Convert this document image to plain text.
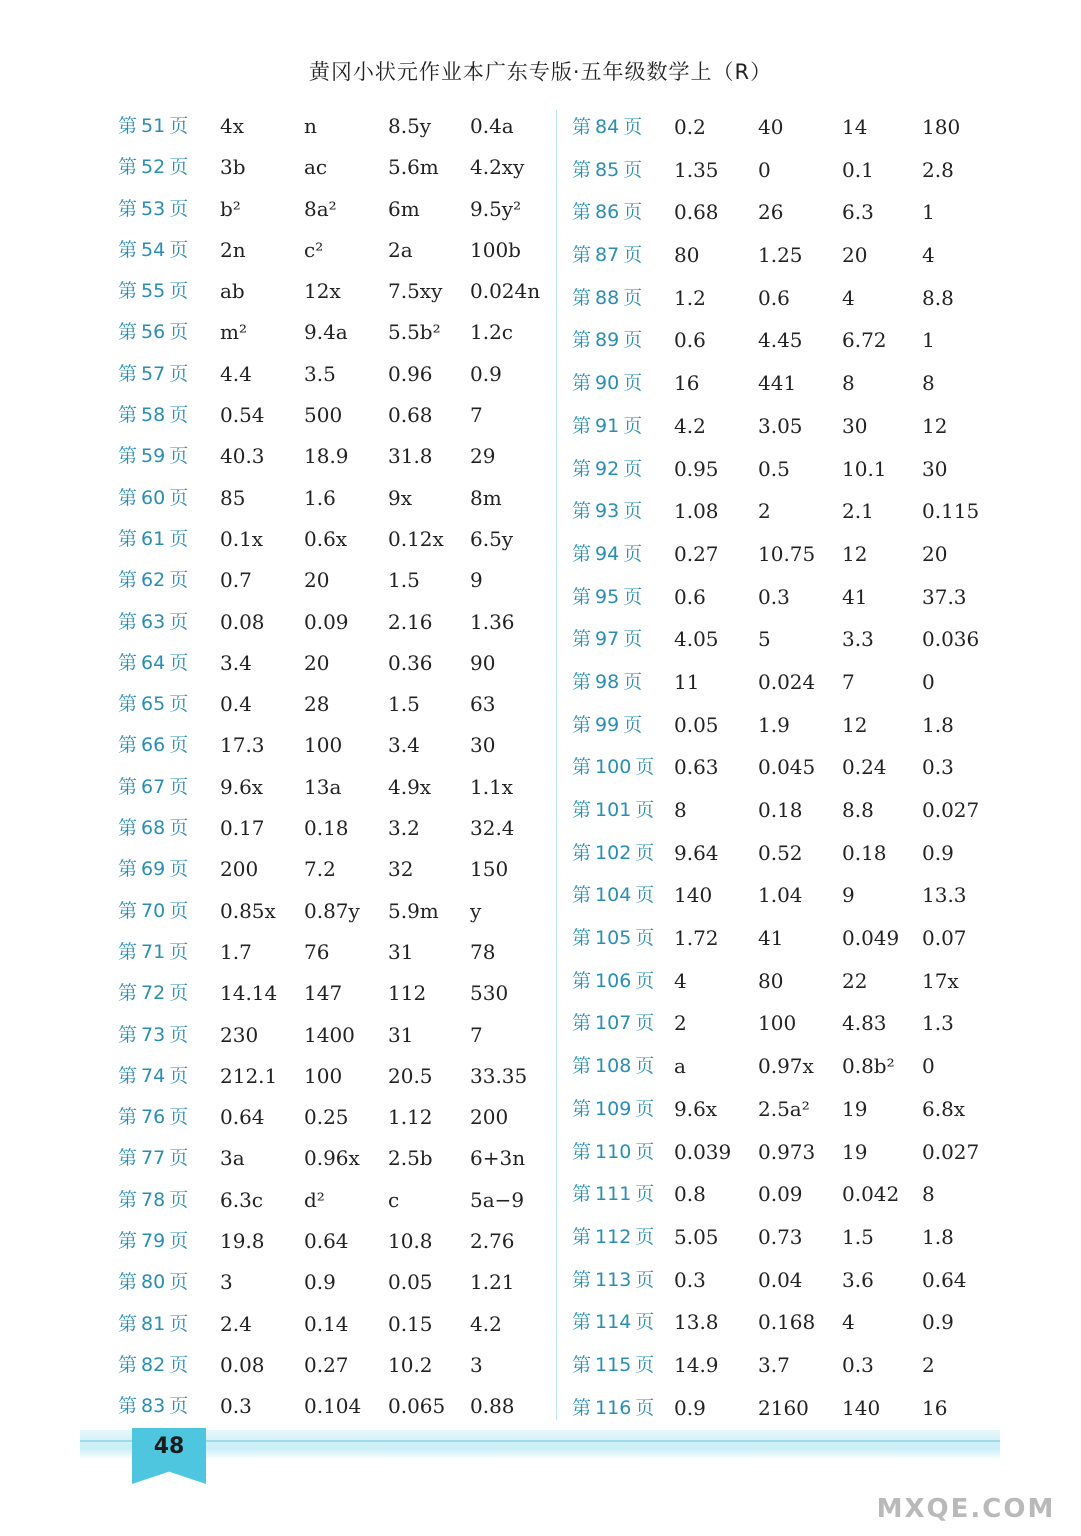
黄冈小状元作业本广东专版·五年级数学上（R）
第 51 页 4x	n	8.5y 0.4a
第 52 页 3b	ac	5.6m 4.2xy
第 53 页 b²	8a²	6m	9.5y²
第 54 页 2n	c²	2a	100b
第 55 页 ab	12x 7.5xy 0.024n
第 56 页 m²	9.4a 5.5b² 1.2c
第 57 页 4.4	3.5	0.96 0.9
第 58 页 0.54 500 0.68 7
第 59 页 40.3 18.9 31.8 29
第 60 页 85	1.6	9x	8m
第 61 页 0.1x 0.6x 0.12x 6.5y
第 62 页 0.7	20	1.5	9
第 63 页 0.08 0.09 2.16 1.36
第 64 页 3.4	20	0.36 90
第 65 页 0.4	28	1.5	63
第 66 页 17.3 100 3.4	30
第 67 页 9.6x 13a 4.9x 1.1x
第 68 页 0.17 0.18 3.2	32.4
第 69 页 200 7.2	32	150
第 70 页 0.85x 0.87y 5.9m y
第 71 页 1.7	76	31	78
第 72 页 14.14 147 112 530
第 73 页 230 1400 31	7
第 74 页 212.1 100 20.5 33.35
第 76 页 0.64 0.25 1.12 200
第 77 页 3a	0.96x 2.5b 6+3n
第 78 页 6.3c d²	c	5a−9
第 79 页 19.8 0.64 10.8 2.76
第 80 页 3	0.9	0.05 1.21
第 81 页 2.4	0.14 0.15 4.2
第 82 页 0.08 0.27 10.2 3
第 83 页 0.3	0.104 0.065 0.88
第 84 页 0.2	40	14	180
第 85 页 1.35 0	0.1 2.8
第 86 页 0.68 26	6.3 1
第 87 页 80	1.25 20	4
第 88 页 1.2	0.6	4	8.8
第 89 页 0.6	4.45 6.72 1
第 90 页 16	441 8	8
第 91 页 4.2	3.05 30	12
第 92 页 0.95 0.5	10.1 30
第 93 页 1.08 2	2.1 0.115
第 94 页 0.27 10.75 12	20
第 95 页 0.6	0.3	41	37.3
第 97 页 4.05 5	3.3 0.036
第 98 页 11	0.024 7	0
第 99 页 0.05 1.9	12	1.8
第 100 页 0.63 0.045 0.24 0.3
第 101 页 8	0.18 8.8 0.027
第 102 页 9.64 0.52 0.18 0.9
第 104 页 140 1.04 9	13.3
第 105 页 1.72 41	0.049 0.07
第 106 页 4	80	22	17x
第 107 页 2	100 4.83 1.3
第 108 页 a	0.97x 0.8b² 0
第 109 页 9.6x 2.5a² 19	6.8x
第 110 页 0.039 0.973 19	0.027
第 111 页 0.8	0.09 0.042 8
第 112 页 5.05 0.73 1.5 1.8
第 113 页 0.3	0.04 3.6 0.64
第 114 页 13.8 0.168 4	0.9
第 115 页 14.9 3.7	0.3 2
第 116 页 0.9	2160 140 16
48
MXQE.COM
